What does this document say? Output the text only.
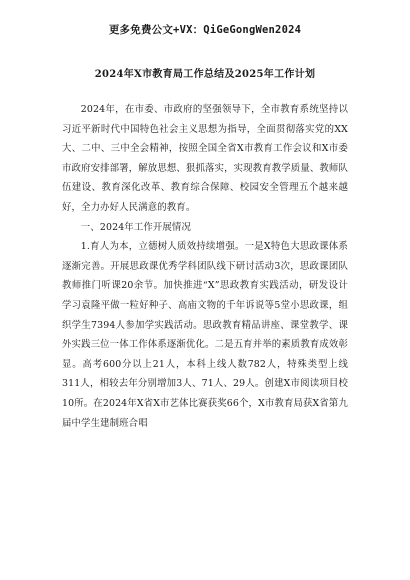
更多免费公文+VX：QiGeGongWen2024
2024年X市教育局工作总结及2025年工作计划

2024年，在市委、市政府的坚强领导下，全市教育系统坚持以习近平新时代中国特色社会主义思想为指导，全面贯彻落实党的XX大、二中、三中全会精神，按照全国全省X市教育工作会议和X市委市政府安排部署，解放思想、狠抓落实，实现教育教学质量、教师队伍建设、教育深化改革、教育综合保障、校园安全管理五个越来越好，全力办好人民满意的教育。

一、2024年工作开展情况

1.育人为本，立德树人质效持续增强。一是X特色大思政课体系逐渐完善。开展思政课优秀学科团队线下研讨活动3次，思政课团队教师推门听课20余节。加快推进“X”思政教育实践活动，研发设计学习袁隆平做一粒好种子、高庙文物的千年诉说等5堂小思政课，组织学生7394人参加学实践活动。思政教育精品讲座、课堂教学、课外实践三位一体工作体系逐渐优化。二是五育并举的素质教育成效彰显。高考600分以上21人，本科上线人数782人，特殊类型上线311人，相较去年分别增加3人、71人、29人。创建X市阅读项目校10所。在2024年X省X市艺体比赛获奖66个，X市教育局获X省第九届中学生建制班合唱
